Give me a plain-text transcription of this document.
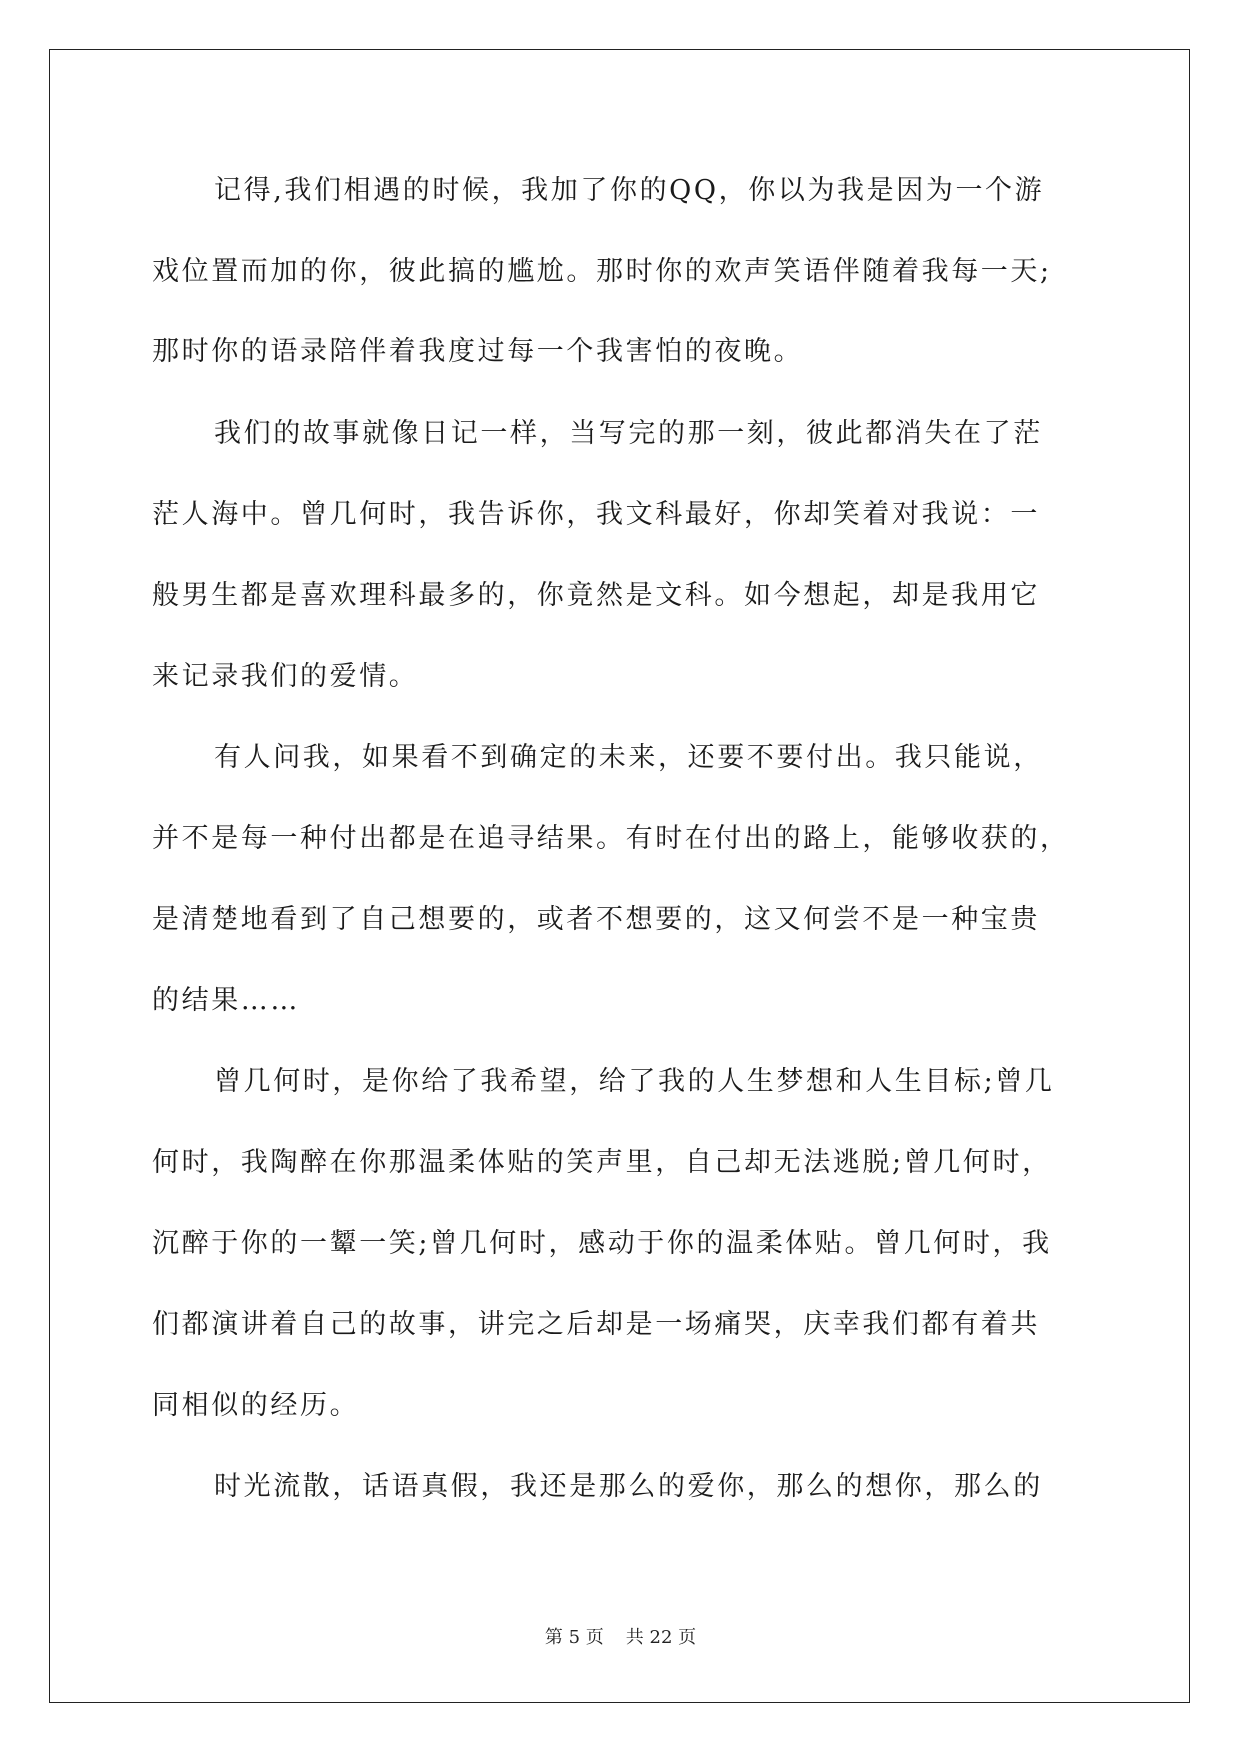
记得,我们相遇的时候，我加了你的QQ，你以为我是因为一个游
戏位置而加的你，彼此搞的尴尬。那时你的欢声笑语伴随着我每一天;
那时你的语录陪伴着我度过每一个我害怕的夜晚。
我们的故事就像日记一样，当写完的那一刻，彼此都消失在了茫
茫人海中。曾几何时，我告诉你，我文科最好，你却笑着对我说：一
般男生都是喜欢理科最多的，你竟然是文科。如今想起，却是我用它
来记录我们的爱情。
有人问我，如果看不到确定的未来，还要不要付出。我只能说，
并不是每一种付出都是在追寻结果。有时在付出的路上，能够收获的，
是清楚地看到了自己想要的，或者不想要的，这又何尝不是一种宝贵
的结果……
曾几何时，是你给了我希望，给了我的人生梦想和人生目标;曾几
何时，我陶醉在你那温柔体贴的笑声里，自己却无法逃脱;曾几何时，
沉醉于你的一颦一笑;曾几何时，感动于你的温柔体贴。曾几何时，我
们都演讲着自己的故事，讲完之后却是一场痛哭，庆幸我们都有着共
同相似的经历。
时光流散，话语真假，我还是那么的爱你，那么的想你，那么的
第 5 页 共 22 页
